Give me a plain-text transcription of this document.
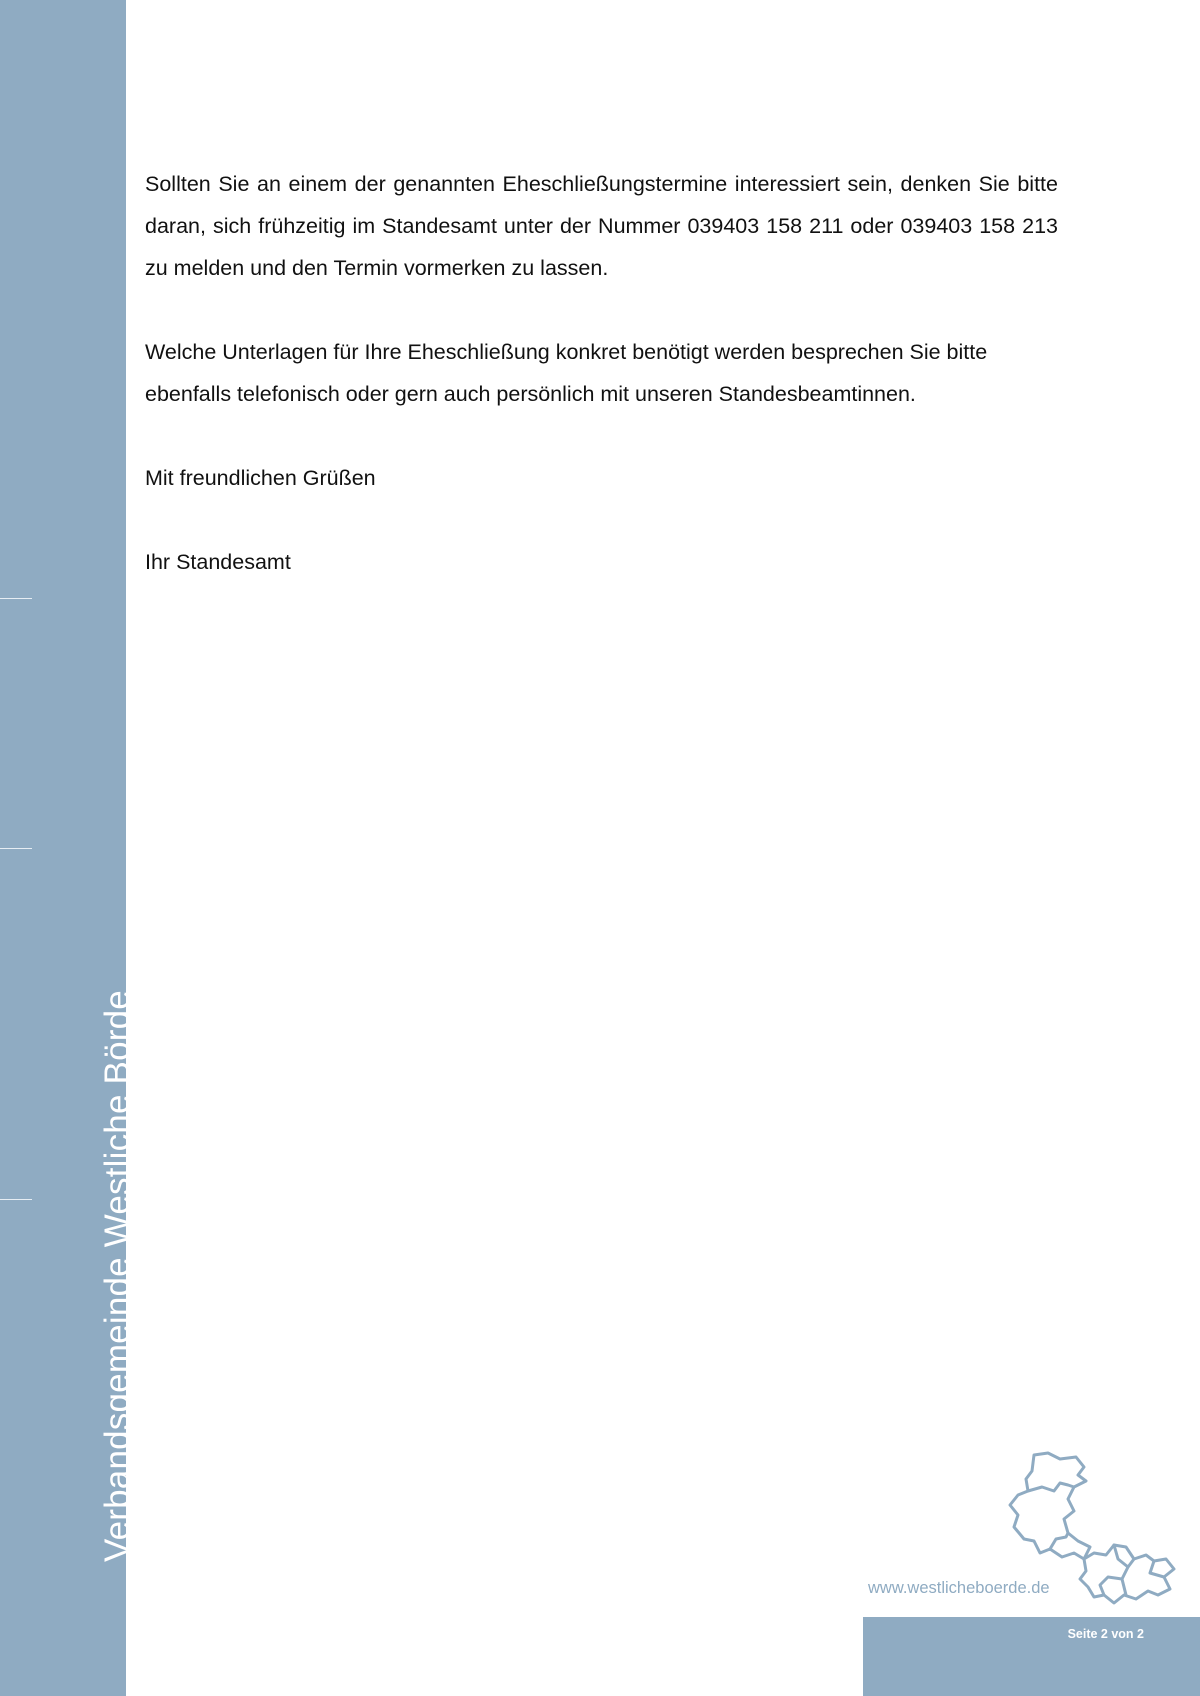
Verbandsgemeinde Westliche Börde

Sollten Sie an einem der genannten Eheschließungstermine interessiert sein, denken Sie bitte daran, sich frühzeitig im Standesamt unter der Nummer 039403 158 211 oder 039403 158 213 zu melden und den Termin vormerken zu lassen.

Welche Unterlagen für Ihre Eheschließung konkret benötigt werden besprechen Sie bitte ebenfalls telefonisch oder gern auch persönlich mit unseren Standesbeamtinnen.

Mit freundlichen Grüßen

Ihr Standesamt

www.westlicheboerde.de
Seite 2 von 2
